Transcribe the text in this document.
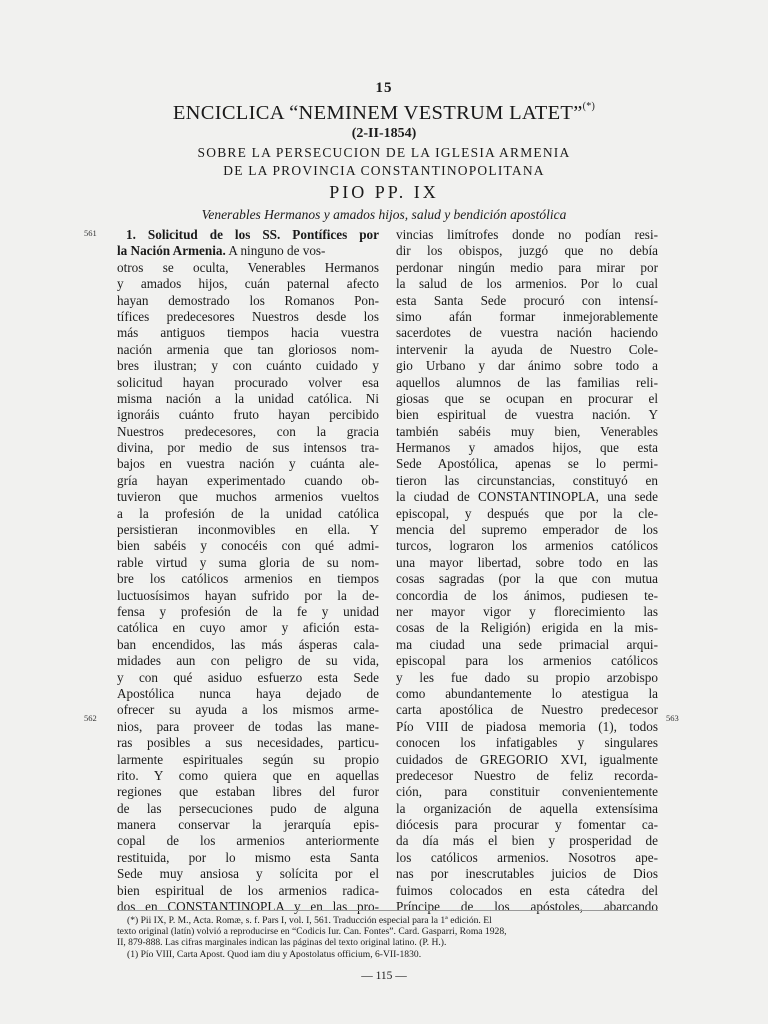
15
ENCICLICA “NEMINEM VESTRUM LATET”(*)
(2-II-1854)
SOBRE LA PERSECUCION DE LA IGLESIA ARMENIA
DE LA PROVINCIA CONSTANTINOPOLITANA
PIO PP. IX
Venerables Hermanos y amados hijos, salud y bendición apostólica
561
562	563
1. Solicitud de los SS. Pontífices por
la Nación Armenia. A ninguno de vos-
otros se oculta, Venerables Hermanos
y amados hijos, cuán paternal afecto
hayan demostrado los Romanos Pon-
tífices predecesores Nuestros desde los
más antiguos tiempos hacia vuestra
nación armenia que tan gloriosos nom-
bres ilustran; y con cuánto cuidado y
solicitud hayan procurado volver esa
misma nación a la unidad católica. Ni
ignoráis cuánto fruto hayan percibido
Nuestros predecesores, con la gracia
divina, por medio de sus intensos tra-
bajos en vuestra nación y cuánta ale-
gría hayan experimentado cuando ob-
tuvieron que muchos armenios vueltos
a la profesión de la unidad católica
persistieran inconmovibles en ella. Y
bien sabéis y conocéis con qué admi-
rable virtud y suma gloria de su nom-
bre los católicos armenios en tiempos
luctuosísimos hayan sufrido por la de-
fensa y profesión de la fe y unidad
católica en cuyo amor y afición esta-
ban encendidos, las más ásperas cala-
midades aun con peligro de su vida,
y con qué asiduo esfuerzo esta Sede
Apostólica nunca haya dejado de
ofrecer su ayuda a los mismos arme-
nios, para proveer de todas las mane-
ras posibles a sus necesidades, particu-
larmente espirituales según su propio
rito. Y como quiera que en aquellas
regiones que estaban libres del furor
de las persecuciones pudo de alguna
manera conservar la jerarquía epis-
copal de los armenios anteriormente
restituida, por lo mismo esta Santa
Sede muy ansiosa y solícita por el
bien espiritual de los armenios radica-
dos en CONSTANTINOPLA y en las pro-
vincias limítrofes donde no podían resi-
dir los obispos, juzgó que no debía
perdonar ningún medio para mirar por
la salud de los armenios. Por lo cual
esta Santa Sede procuró con intensí-
simo afán formar inmejorablemente
sacerdotes de vuestra nación haciendo
intervenir la ayuda de Nuestro Cole-
gio Urbano y dar ánimo sobre todo a
aquellos alumnos de las familias reli-
giosas que se ocupan en procurar el
bien espiritual de vuestra nación. Y
también sabéis muy bien, Venerables
Hermanos y amados hijos, que esta
Sede Apostólica, apenas se lo permi-
tieron las circunstancias, constituyó en
la ciudad de CONSTANTINOPLA, una sede
episcopal, y después que por la cle-
mencia del supremo emperador de los
turcos, lograron los armenios católicos
una mayor libertad, sobre todo en las
cosas sagradas (por la que con mutua
concordia de los ánimos, pudiesen te-
ner mayor vigor y florecimiento las
cosas de la Religión) erigida en la mis-
ma ciudad una sede primacial arqui-
episcopal para los armenios católicos
y les fue dado su propio arzobispo
como abundantemente lo atestigua la
carta apostólica de Nuestro predecesor
Pío VIII de piadosa memoria (1), todos
conocen los infatigables y singulares
cuidados de GREGORIO XVI, igualmente
predecesor Nuestro de feliz recorda-
ción, para constituir convenientemente
la organización de aquella extensísima
diócesis para procurar y fomentar ca-
da día más el bien y prosperidad de
los católicos armenios. Nosotros ape-
nas por inescrutables juicios de Dios
fuimos colocados en esta cátedra del
Príncipe de los apóstoles, abarcando
(*) Pii IX, P. M., Acta. Romæ, s. f. Pars I, vol. I, 561. Traducción especial para la 1ª edición. El
texto original (latín) volvió a reproducirse en “Codicis Iur. Can. Fontes”. Card. Gasparri, Roma 1928,
II, 879-888. Las cifras marginales indican las páginas del texto original latino. (P. H.).
(1) Pío VIII, Carta Apost. Quod iam diu y Apostolatus officium, 6-VII-1830.
— 115 —
